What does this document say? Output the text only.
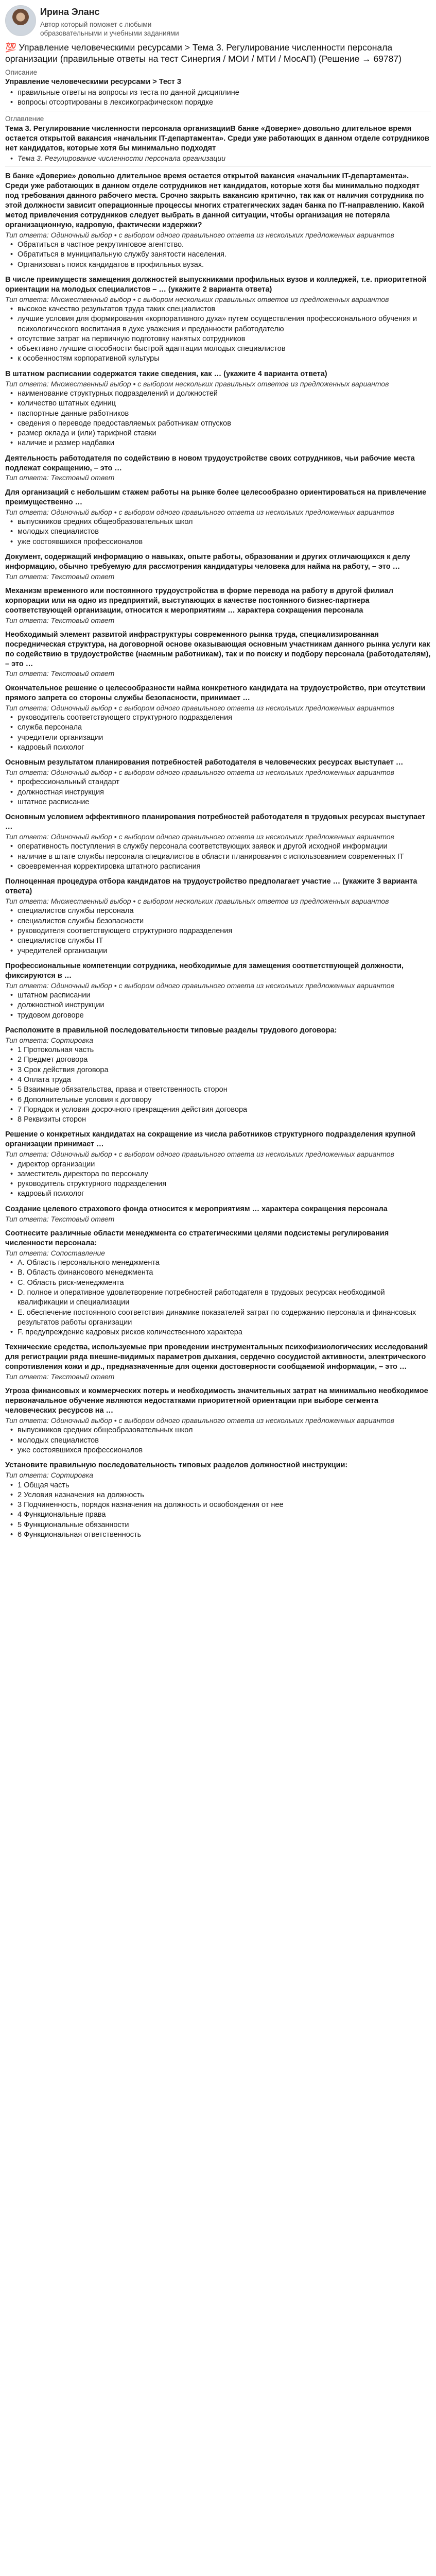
Ирина Эланс
Автор который поможет с любыми образовательными и учебными заданиями
💯 Управление человеческими ресурсами > Тема 3. Регулирование численности персонала организации (правильные ответы на тест Синергия / МОИ / МТИ / МосАП) (Решение → 69787)
Описание
Управление человеческими ресурсами > Тест 3
• правильные ответы на вопросы из теста по данной дисциплине
• вопросы отсортированы в лексикографическом порядке
Оглавление
Тема 3. Регулирование численности персонала организацииВ банке «Доверие» довольно длительное время остается открытой вакансия «начальник IT-департамента». Среди уже работающих в данном отделе сотрудников нет кандидатов, которые хотя бы минимально подходят
• Тема 3. Регулирование численности персонала организации
В банке «Доверие» довольно длительное время остается открытой вакансия «начальник IT-департамента». Среди уже работающих в данном отделе сотрудников нет кандидатов, которые хотя бы минимально подходят под требования данного рабочего места. Срочно закрыть вакансию критично, так как от наличия сотрудника по этой должности зависит операционные процессы многих стратегических задач банка по IT-направлению. Какой метод привлечения сотрудников следует выбрать в данной ситуации, чтобы организация не потеряла организационную, кадровую, фактически издержки?
Тип ответа: Одиночный выбор • с выбором одного правильного ответа из нескольких предложенных вариантов
• Обратиться в частное рекрутинговое агентство.
• Обратиться в муниципальную службу занятости населения.
• Организовать поиск кандидатов в профильных вузах.
В числе преимуществ замещения должностей выпускниками профильных вузов и колледжей, т.е. приоритетной ориентации на молодых специалистов – … (укажите 2 варианта ответа)
Тип ответа: Множественный выбор • с выбором нескольких правильных ответов из предложенных вариантов
• высокое качество результатов труда таких специалистов
• лучшие условия для формирования «корпоративного духа» путем осуществления профессионального обучения и психологического воспитания в духе уважения и преданности работодателю
• отсутствие затрат на первичную подготовку нанятых сотрудников
• объективно лучшие способности быстрой адаптации молодых специалистов
• к особенностям корпоративной культуры
В штатном расписании содержатся такие сведения, как … (укажите 4 варианта ответа)
Тип ответа: Множественный выбор • с выбором нескольких правильных ответов из предложенных вариантов
• наименование структурных подразделений и должностей
• количество штатных единиц
• паспортные данные работников
• сведения о переводе предоставляемых работникам отпусков
• размер оклада и (или) тарифной ставки
• наличие и размер надбавки
Деятельность работодателя по содействию в новом трудоустройстве своих сотрудников, чьи рабочие места подлежат сокращению, – это …
Тип ответа: Текстовый ответ
Для организаций с небольшим стажем работы на рынке более целесообразно ориентироваться на привлечение преимущественно …
Тип ответа: Одиночный выбор • с выбором одного правильного ответа из нескольких предложенных вариантов
• выпускников средних общеобразовательных школ
• молодых специалистов
• уже состоявшихся профессионалов
Документ, содержащий информацию о навыках, опыте работы, образовании и других отличающихся к делу информацию, обычно требуемую для рассмотрения кандидатуры человека для найма на работу, – это …
Тип ответа: Текстовый ответ
Механизм временного или постоянного трудоустройства в форме перевода на работу в другой филиал корпорации или на одно из предприятий, выступающих в качестве постоянного бизнес-партнера соответствующей организации, относится к мероприятиям … характера сокращения персонала
Тип ответа: Текстовый ответ
Необходимый элемент развитой инфраструктуры современного рынка труда, специализированная посредническая структура, на договорной основе оказывающая основным участникам данного рынка услуги как по содействию в трудоустройстве (наемным работникам), так и по поиску и подбору персонала (работодателям), – это …
Тип ответа: Текстовый ответ
Окончательное решение о целесообразности найма конкретного кандидата на трудоустройство, при отсутствии прямого запрета со стороны службы безопасности, принимает …
Тип ответа: Одиночный выбор • с выбором одного правильного ответа из нескольких предложенных вариантов
• руководитель соответствующего структурного подразделения
• служба персонала
• учредители организации
• кадровый психолог
Основным результатом планирования потребностей работодателя в человеческих ресурсах выступает …
Тип ответа: Одиночный выбор • с выбором одного правильного ответа из нескольких предложенных вариантов
• профессиональный стандарт
• должностная инструкция
• штатное расписание
Основным условием эффективного планирования потребностей работодателя в трудовых ресурсах выступает …
Тип ответа: Одиночный выбор • с выбором одного правильного ответа из нескольких предложенных вариантов
• оперативность поступления в службу персонала соответствующих заявок и другой исходной информации
• наличие в штате службы персонала специалистов в области планирования с использованием современных IT
• своевременная корректировка штатного расписания
Полноценная процедура отбора кандидатов на трудоустройство предполагает участие … (укажите 3 варианта ответа)
Тип ответа: Множественный выбор • с выбором нескольких правильных ответов из предложенных вариантов
• специалистов службы персонала
• специалистов службы безопасности
• руководителя соответствующего структурного подразделения
• специалистов службы IT
• учредителей организации
Профессиональные компетенции сотрудника, необходимые для замещения соответствующей должности, фиксируются в …
Тип ответа: Одиночный выбор • с выбором одного правильного ответа из нескольких предложенных вариантов
• штатном расписании
• должностной инструкции
• трудовом договоре
Расположите в правильной последовательности типовые разделы трудового договора:
Тип ответа: Сортировка
• 1 Протокольная часть
• 2 Предмет договора
• 3 Срок действия договора
• 4 Оплата труда
• 5 Взаимные обязательства, права и ответственность сторон
• 6 Дополнительные условия к договору
• 7 Порядок и условия досрочного прекращения действия договора
• 8 Реквизиты сторон
Решение о конкретных кандидатах на сокращение из числа работников структурного подразделения крупной организации принимает …
Тип ответа: Одиночный выбор • с выбором одного правильного ответа из нескольких предложенных вариантов
• директор организации
• заместитель директора по персоналу
• руководитель структурного подразделения
• кадровый психолог
Создание целевого страхового фонда относится к мероприятиям … характера сокращения персонала
Тип ответа: Текстовый ответ
Соотнесите различные области менеджмента со стратегическими целями подсистемы регулирования численности персонала:
Тип ответа: Сопоставление
• A. Область персонального менеджмента
• B. Область финансового менеджмента
• C. Область риск-менеджмента
• D. полное и оперативное удовлетворение потребностей работодателя в трудовых ресурсах необходимой квалификации и специализации
• E. обеспечение постоянного соответствия динамике показателей затрат по содержанию персонала и финансовых результатов работы организации
• F. предупреждение кадровых рисков количественного характера
Технические средства, используемые при проведении инструментальных психофизиологических исследований для регистрации ряда внешне-видимых параметров дыхания, сердечно сосудистой активности, электрического сопротивления кожи и др., предназначенные для оценки достоверности сообщаемой информации, – это …
Тип ответа: Текстовый ответ
Угроза финансовых и коммерческих потерь и необходимость значительных затрат на минимально необходимое первоначальное обучение являются недостатками приоритетной ориентации при выборе сегмента человеческих ресурсов на …
Тип ответа: Одиночный выбор • с выбором одного правильного ответа из нескольких предложенных вариантов
• выпускников средних общеобразовательных школ
• молодых специалистов
• уже состоявшихся профессионалов
Установите правильную последовательность типовых разделов должностной инструкции:
Тип ответа: Сортировка
• 1 Общая часть
• 2 Условия назначения на должность
• 3 Подчиненность, порядок назначения на должность и освобождения от нее
• 4 Функциональные права
• 5 Функциональные обязанности
• 6 Функциональная ответственность
